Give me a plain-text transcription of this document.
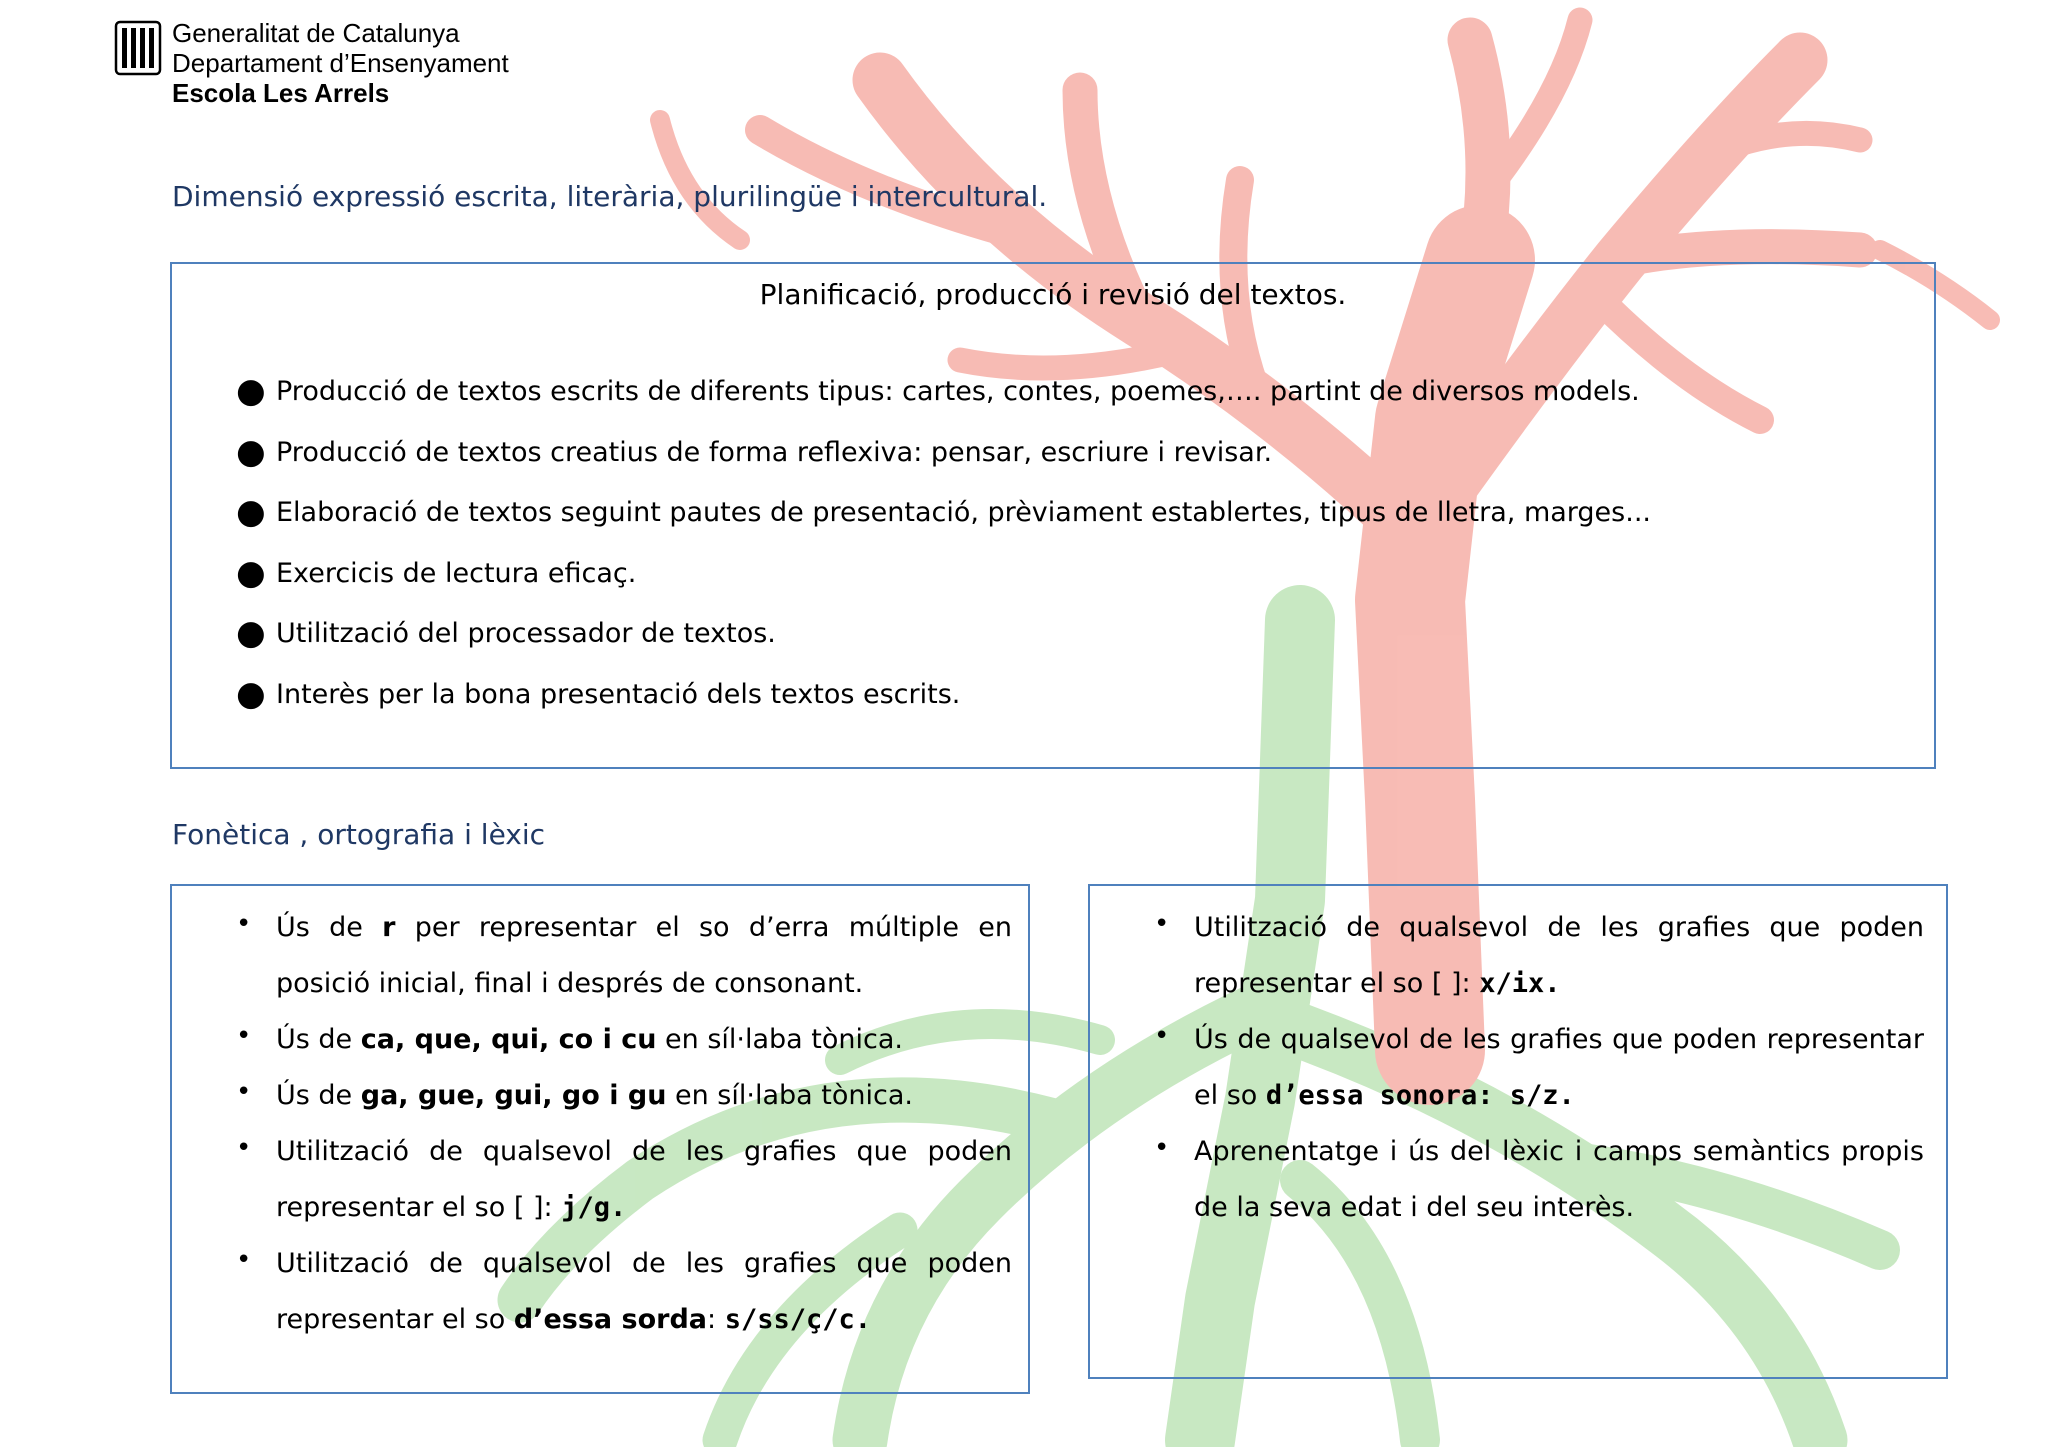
Generalitat de Catalunya
Departament d’Ensenyament
Escola Les Arrels
Dimensió expressió escrita, literària, plurilingüe i intercultural.
Planificació, producció i revisió del textos.
● Producció de textos escrits de diferents tipus: cartes, contes, poemes,…. partint de diversos models.
● Producció de textos creatius de forma reflexiva: pensar, escriure i revisar.
● Elaboració de textos seguint pautes de presentació, prèviament establertes, tipus de lletra, marges...
● Exercicis de lectura eficaç.
● Utilització del processador de textos.
● Interès per la bona presentació dels textos escrits.
Fonètica , ortografia i lèxic
• Ús de r per representar el so d’erra múltiple en posició inicial, final i després de consonant.
• Ús de ca, que, qui, co i cu en síl·laba tònica.
• Ús de ga, gue, gui, go i gu en síl·laba tònica.
• Utilització de qualsevol de les grafies que poden representar el so [ ]: j/g.
• Utilització de qualsevol de les grafies que poden representar el so d’essa sorda: s/ss/ç/c.
• Utilització de qualsevol de les grafies que poden representar el so [ ]: x/ix.
• Ús de qualsevol de les grafies que poden representar el so d’essa sonora: s/z.
• Aprenentatge i ús del lèxic i camps semàntics propis de la seva edat i del seu interès.
